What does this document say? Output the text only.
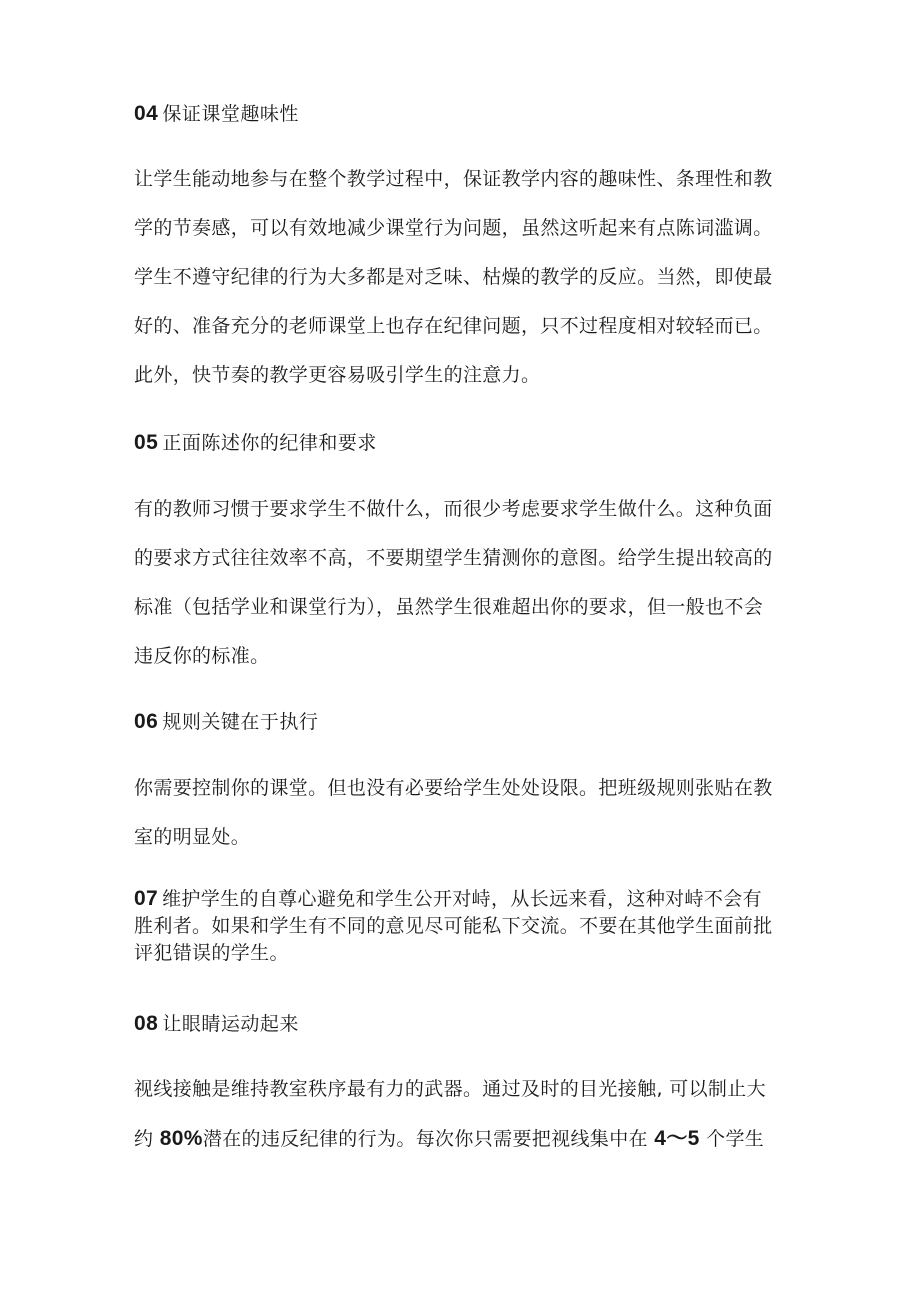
04 保证课堂趣味性
让学生能动地参与在整个教学过程中，保证教学内容的趣味性、条理性和教
学的节奏感，可以有效地减少课堂行为问题，虽然这听起来有点陈词滥调。
学生不遵守纪律的行为大多都是对乏味、枯燥的教学的反应。当然，即使最
好的、准备充分的老师课堂上也存在纪律问题，只不过程度相对较轻而已。
此外，快节奏的教学更容易吸引学生的注意力。
05 正面陈述你的纪律和要求
有的教师习惯于要求学生不做什么，而很少考虑要求学生做什么。这种负面
的要求方式往往效率不高，不要期望学生猜测你的意图。给学生提出较高的
标准（包括学业和课堂行为），虽然学生很难超出你的要求，但一般也不会
违反你的标准。
06 规则关键在于执行
你需要控制你的课堂。但也没有必要给学生处处设限。把班级规则张贴在教
室的明显处。
07 维护学生的自尊心避免和学生公开对峙，从长远来看，这种对峙不会有
胜利者。如果和学生有不同的意见尽可能私下交流。不要在其他学生面前批
评犯错误的学生。
08 让眼睛运动起来
视线接触是维持教室秩序最有力的武器。通过及时的目光接触, 可以制止大
约 80%潜在的违反纪律的行为。每次你只需要把视线集中在 4～5 个学生
